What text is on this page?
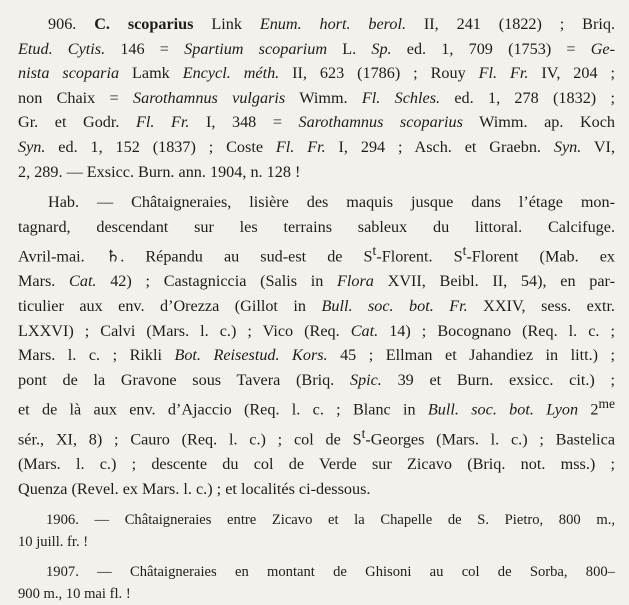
906. C. scoparius Link Enum. hort. berol. II, 241 (1822) ; Briq.
Etud. Cytis. 146 = Spartium scoparium L. Sp. ed. 1, 709 (1753) = Ge-
nista scoparia Lamk Encycl. méth. II, 623 (1786) ; Rouy Fl. Fr. IV, 204 ;
non Chaix = Sarothamnus vulgaris Wimm. Fl. Schles. ed. 1, 278 (1832) ;
Gr. et Godr. Fl. Fr. I, 348 = Sarothamnus scoparius Wimm. ap. Koch
Syn. ed. 1, 152 (1837) ; Coste Fl. Fr. I, 294 ; Asch. et Graebn. Syn. VI,
2, 289. — Exsicc. Burn. ann. 1904, n. 128 !
Hab. — Châtaigneraies, lisière des maquis jusque dans l’étage mon-
tagnard, descendant sur les terrains sableux du littoral. Calcifuge.
Avril-mai. ♄. Répandu au sud-est de $S^t$-Florent. $S^t$-Florent (Mab. ex
Mars. Cat. 42) ; Castagniccia (Salis in Flora XVII, Beibl. II, 54), en par-
ticulier aux env. d’Orezza (Gillot in Bull. soc. bot. Fr. XXIV, sess. extr.
LXXVI) ; Calvi (Mars. l. c.) ; Vico (Req. Cat. 14) ; Bocognano (Req. l. c. ;
Mars. l. c. ; Rikli Bot. Reisestud. Kors. 45 ; Ellman et Jahandiez in litt.) ;
pont de la Gravone sous Tavera (Briq. Spic. 39 et Burn. exsicc. cit.) ;
et de là aux env. d’Ajaccio (Req. l. c. ; Blanc in Bull. soc. bot. Lyon $2^{me}$
sér., XI, 8) ; Cauro (Req. l. c.) ; col de $S^t$-Georges (Mars. l. c.) ; Bastelica
(Mars. l. c.) ; descente du col de Verde sur Zicavo (Briq. not. mss.) ;
Quenza (Revel. ex Mars. l. c.) ; et localités ci-dessous.
1906. — Châtaigneraies entre Zicavo et la Chapelle de S. Pietro, 800 m.,
10 juill. fr. !
1907. — Châtaigneraies en montant de Ghisoni au col de Sorba, 800–
900 m., 10 mai fl. !
